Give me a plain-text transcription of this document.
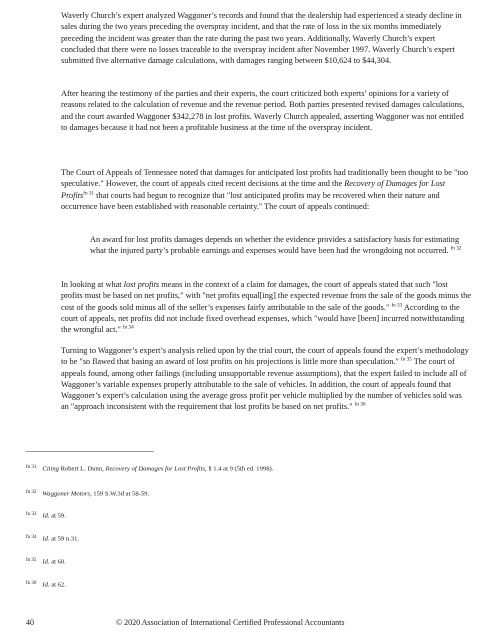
Waverly Church’s expert analyzed Waggoner’s records and found that the dealership had experienced a steady decline in sales during the two years preceding the overspray incident, and that the rate of loss in the six months immediately preceding the incident was greater than the rate during the past two years. Additionally, Waverly Church’s expert concluded that there were no losses traceable to the overspray incident after November 1997. Waverly Church’s expert submitted five alternative damage calculations, with damages ranging between $10,624 to $44,304.

After hearing the testimony of the parties and their experts, the court criticized both experts’ opinions for a variety of reasons related to the calculation of revenue and the revenue period. Both parties presented revised damages calculations, and the court awarded Waggoner $342,278 in lost profits. Waverly Church appealed, asserting Waggoner was not entitled to damages because it had not been a profitable business at the time of the overspray incident.

The Court of Appeals of Tennessee noted that damages for anticipated lost profits had traditionally been thought to be "too speculative." However, the court of appeals cited recent decisions at the time and the Recovery of Damages for Lost Profits$^{fn 31}$ that courts had begun to recognize that "lost anticipated profits may be recovered when their nature and occurrence have been established with reasonable certainty." The court of appeals continued:

An award for lost profits damages depends on whether the evidence provides a satisfactory basis for estimating what the injured party’s probable earnings and expenses would have been had the wrongdoing not occurred. $^{fn 32}$

In looking at what lost profits means in the context of a claim for damages, the court of appeals stated that such "lost profits must be based on net profits," with "net profits equal[ing] the expected revenue from the sale of the goods minus the cost of the goods sold minus all of the seller’s expenses fairly attributable to the sale of the goods." $^{fn 33}$ According to the court of appeals, net profits did not include fixed overhead expenses, which "would have [been] incurred notwithstanding the wrongful act." $^{fn 34}$

Turning to Waggoner’s expert’s analysis relied upon by the trial court, the court of appeals found the expert’s methodology to be "so flawed that basing an award of lost profits on his projections is little more than speculation." $^{fn 35}$ The court of appeals found, among other failings (including unsupportable revenue assumptions), that the expert failed to include all of Waggoner’s variable expenses properly attributable to the sale of vehicles. In addition, the court of appeals found that Waggoner’s expert’s calculation using the average gross profit per vehicle multiplied by the number of vehicles sold was an "approach inconsistent with the requirement that lost profits be based on net profits." $^{fn 36}$

$^{fn 31}$ Citing Robert L. Dunn, Recovery of Damages for Lost Profits, § 1.4 at 9 (5th ed. 1998).

$^{fn 32}$ Waggoner Motors, 159 S.W.3d at 58-59.

$^{fn 33}$ Id. at 59.

$^{fn 34}$ Id. at 59 n.31.

$^{fn 35}$ Id. at 60.

$^{fn 36}$ Id. at 62.

40	© 2020 Association of International Certified Professional Accountants
